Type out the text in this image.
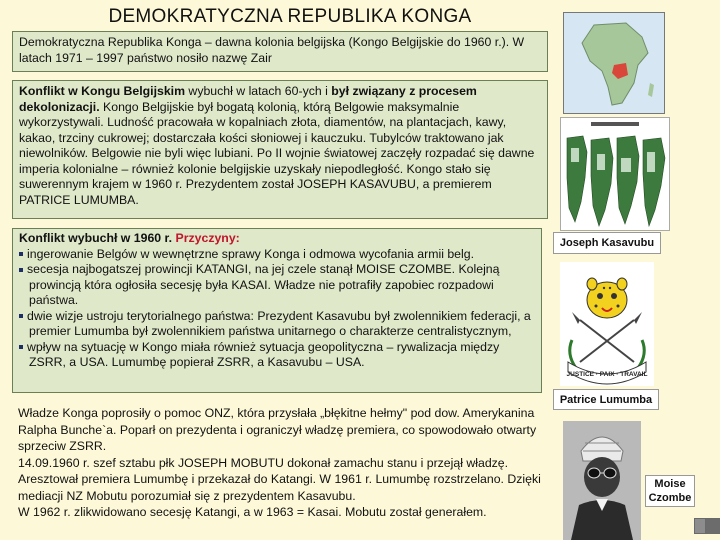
DEMOKRATYCZNA REPUBLIKA KONGA
Demokratyczna Republika Konga – dawna kolonia belgijska (Kongo Belgijskie do 1960 r.). W latach 1971 – 1997 państwo nosiło nazwę Zair
Konflikt w Kongu Belgijskim wybuchł w latach 60-ych i był związany z procesem dekolonizacji. Kongo Belgijskie był bogatą kolonią, którą Belgowie maksymalnie wykorzystywali. Ludność pracowała w kopalniach złota, diamentów, na plantacjach, kawy, kakao, trzciny cukrowej; dostarczała kości słoniowej i kauczuku. Tubylców traktowano jak niewolników. Belgowie nie byli więc lubiani. Po II wojnie światowej zaczęły rozpadać się dawne imperia kolonialne – również kolonie belgijskie uzyskały niepodległość. Kongo stało się suwerennym krajem w 1960 r. Prezydentem został JOSEPH KASAVUBU, a premierem PATRICE LUMUMBA.
Konflikt wybuchł w 1960 r. Przyczyny:
ingerowanie Belgów w wewnętrzne sprawy Konga i odmowa wycofania armii belg.
secesja najbogatszej prowincji KATANGI, na jej czele stanął MOISE CZOMBE. Kolejną prowincją która ogłosiła secesję była KASAI. Władze nie potrafiły zapobiec rozpadowi państwa.
dwie wizje ustroju terytorialnego państwa: Prezydent Kasavubu był zwolennikiem federacji, a premier Lumumba był zwolennikiem państwa unitarnego o charakterze centralistycznym,
wpływ na sytuację w Kongo miała również sytuacja geopolityczna – rywalizacja między ZSRR, a USA. Lumumbę popierał ZSRR, a Kasavubu – USA.
Władze Konga poprosiły o pomoc ONZ, która przysłała „błękitne hełmy" pod dow. Amerykanina Ralpha Bunche`a. Poparł on prezydenta i ograniczył władzę premiera, co spowodowało otwarty sprzeciw ZSRR.
14.09.1960 r. szef sztabu płk JOSEPH MOBUTU dokonał zamachu stanu i przejął władzę. Aresztował premiera Lumumbę i przekazał do Katangi. W 1961 r. Lumumbę rozstrzelano. Dzięki mediacji NZ Mobutu porozumiał się z prezydentem Kasavubu.
W 1962 r. zlikwidowano secesję Katangi, a w 1963 = Kasai. Mobutu został generałem.
Joseph Kasavubu
JUSTICE · PAIX · TRAVAIL
Patrice Lumumba
Moise Czombe
